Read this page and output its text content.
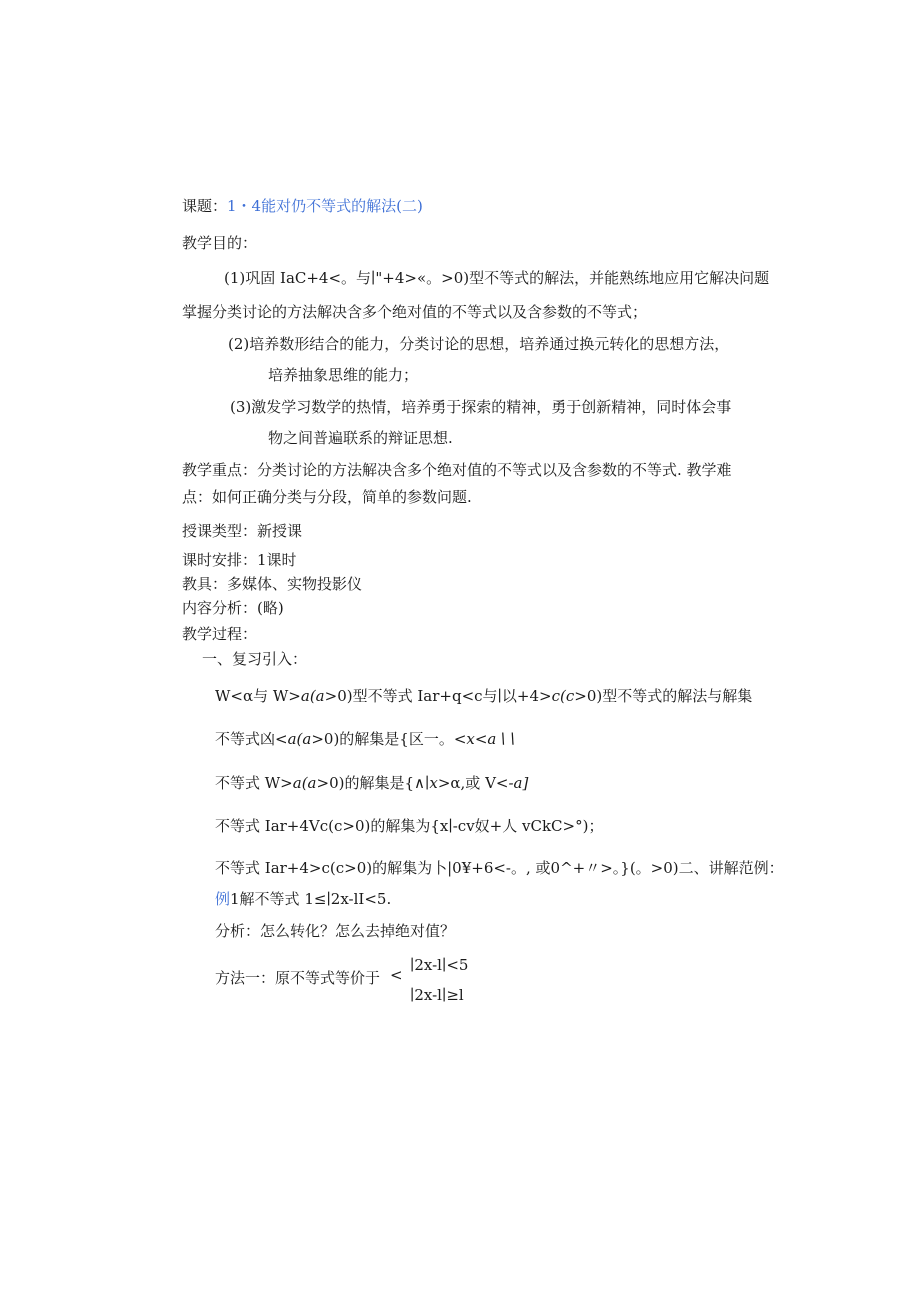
课题：1・4能对仍不等式的解法(二)
教学目的：
(1)巩固 IaC+4<。与∣"+4>«。>0)型不等式的解法，并能熟练地应用它解决问题
掌握分类讨论的方法解决含多个绝对值的不等式以及含参数的不等式；
(2)培养数形结合的能力，分类讨论的思想，培养通过换元转化的思想方法，
培养抽象思维的能力；
(3)激发学习数学的热情，培养勇于探索的精神，勇于创新精神，同时体会事
物之间普遍联系的辩证思想.
教学重点：分类讨论的方法解决含多个绝对值的不等式以及含参数的不等式. 教学难
点：如何正确分类与分段，简单的参数问题.
授课类型：新授课
课时安排：1课时
教具：多媒体、实物投影仪
内容分析：(略)
教学过程：
一、复习引入：
W<α与 W>a(a>0)型不等式 Iar+q<c与∣以+4>c(c>0)型不等式的解法与解集
不等式凶<a(a>0)的解集是{区一。<x<a∖∖
不等式 W>a(a>0)的解集是{∧∣x>α,或 V<-a]
不等式 Iar+4Vc(c>0)的解集为{x∣-cv奴+人 vCkC>°)；
不等式 Iar+4>c(c>0)的解集为卜|0¥+6<-。, 或0^+〃>。}(。>0)二、讲解范例：
例1解不等式 1≤∣2x-lI<5.
分析：怎么转化？怎么去掉绝对值？
方法一：原不等式等价于 <
∣2x-l∣<5
∣2x-l∣≥l
